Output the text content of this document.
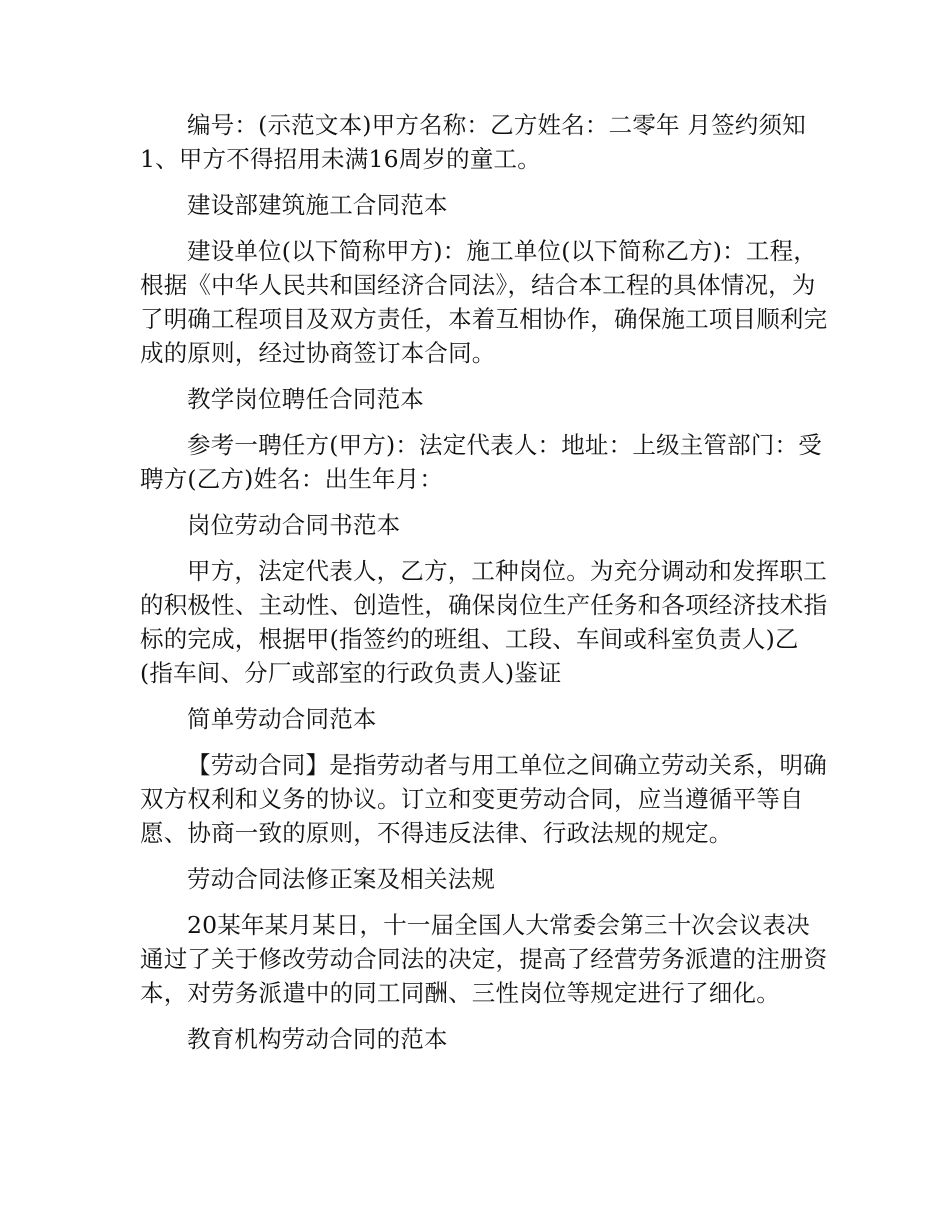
编号：(示范文本)甲方名称：乙方姓名：二零年 月签约须知1、甲方不得招用未满16周岁的童工。

建设部建筑施工合同范本

建设单位(以下简称甲方)：施工单位(以下简称乙方)：工程，根据《中华人民共和国经济合同法》，结合本工程的具体情况，为了明确工程项目及双方责任，本着互相协作，确保施工项目顺利完成的原则，经过协商签订本合同。

教学岗位聘任合同范本

参考一聘任方(甲方)：法定代表人：地址：上级主管部门：受聘方(乙方)姓名：出生年月：

岗位劳动合同书范本

甲方，法定代表人，乙方，工种岗位。为充分调动和发挥职工的积极性、主动性、创造性，确保岗位生产任务和各项经济技术指标的完成，根据甲(指签约的班组、工段、车间或科室负责人)乙(指车间、分厂或部室的行政负责人)鉴证

简单劳动合同范本

【劳动合同】是指劳动者与用工单位之间确立劳动关系，明确双方权利和义务的协议。订立和变更劳动合同，应当遵循平等自愿、协商一致的原则，不得违反法律、行政法规的规定。

劳动合同法修正案及相关法规

20某年某月某日，十一届全国人大常委会第三十次会议表决通过了关于修改劳动合同法的决定，提高了经营劳务派遣的注册资本，对劳务派遣中的同工同酬、三性岗位等规定进行了细化。

教育机构劳动合同的范本
